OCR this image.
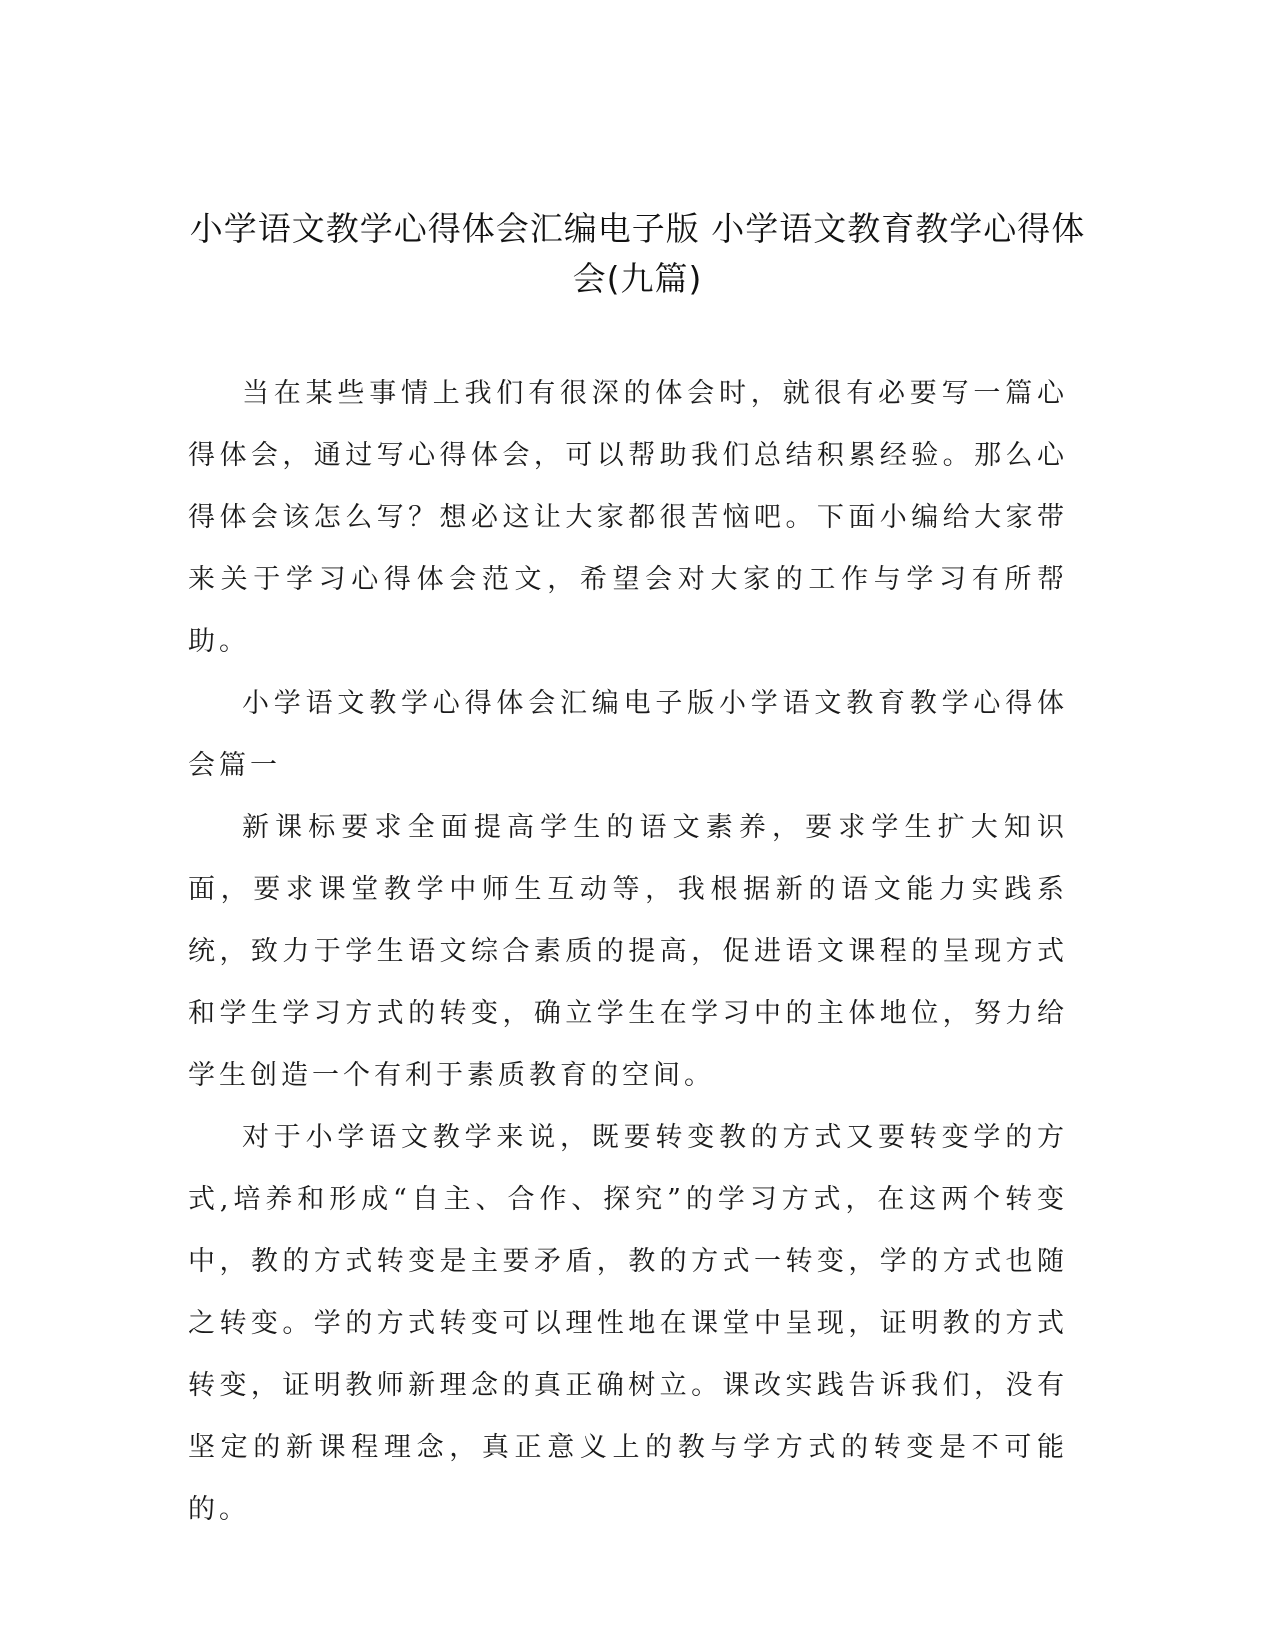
小学语文教学心得体会汇编电子版 小学语文教育教学心得体会(九篇)

当在某些事情上我们有很深的体会时，就很有必要写一篇心得体会，通过写心得体会，可以帮助我们总结积累经验。那么心得体会该怎么写？想必这让大家都很苦恼吧。下面小编给大家带来关于学习心得体会范文，希望会对大家的工作与学习有所帮助。

小学语文教学心得体会汇编电子版小学语文教育教学心得体会篇一

新课标要求全面提高学生的语文素养，要求学生扩大知识面，要求课堂教学中师生互动等，我根据新的语文能力实践系统，致力于学生语文综合素质的提高，促进语文课程的呈现方式和学生学习方式的转变，确立学生在学习中的主体地位，努力给学生创造一个有利于素质教育的空间。

对于小学语文教学来说，既要转变教的方式又要转变学的方式,培养和形成“自主、合作、探究”的学习方式，在这两个转变中，教的方式转变是主要矛盾，教的方式一转变，学的方式也随之转变。学的方式转变可以理性地在课堂中呈现，证明教的方式转变，证明教师新理念的真正确树立。课改实践告诉我们，没有坚定的新课程理念，真正意义上的教与学方式的转变是不可能的。
